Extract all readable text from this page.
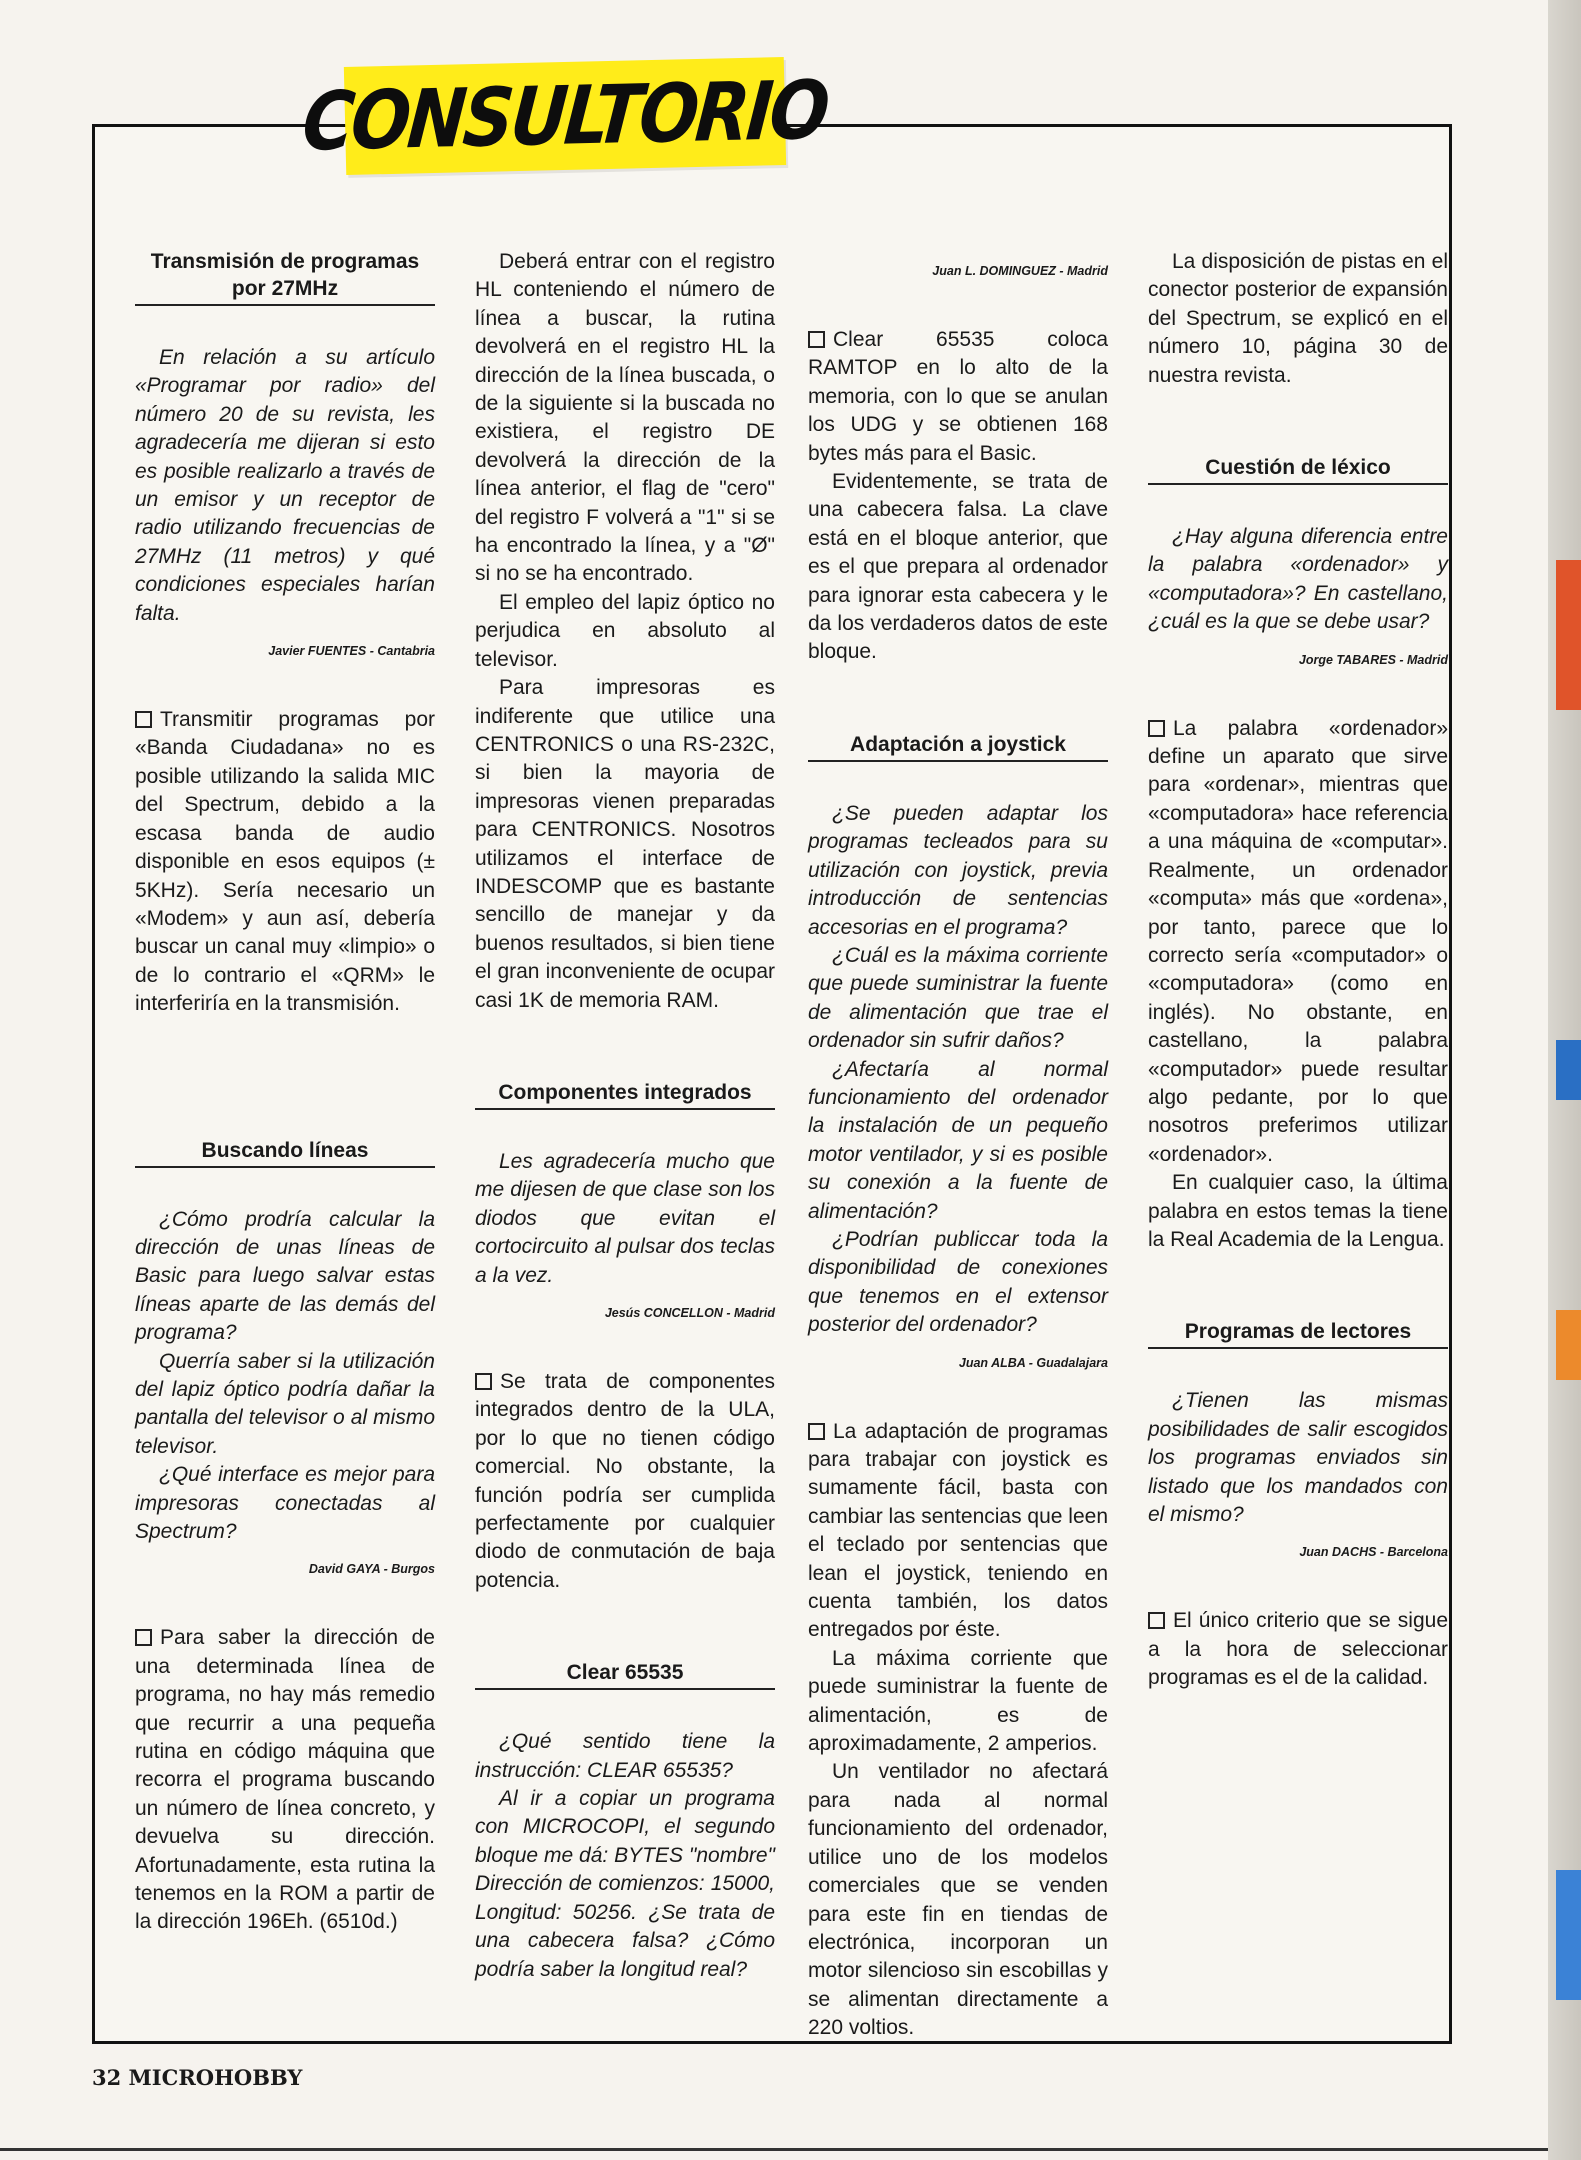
CONSULTORIO
Transmisión de programas por 27MHz

En relación a su artículo «Programar por radio» del número 20 de su revista, les agradecería me dijeran si esto es posible realizarlo a través de un emisor y un receptor de radio utilizando frecuencias de 27MHz (11 metros) y qué condiciones especiales harían falta.

Javier FUENTES - Cantabria

Transmitir programas por «Banda Ciudadana» no es posible utilizando la salida MIC del Spectrum, debido a la escasa banda de audio disponible en esos equipos (± 5KHz). Sería necesario un «Modem» y aun así, debería buscar un canal muy «limpio» o de lo contrario el «QRM» le interferiría en la transmisión.

Buscando líneas

¿Cómo prodría calcular la dirección de unas líneas de Basic para luego salvar estas líneas aparte de las demás del programa?

Querría saber si la utilización del lapiz óptico podría dañar la pantalla del televisor o al mismo televisor.

¿Qué interface es mejor para impresoras conectadas al Spectrum?

David GAYA - Burgos

Para saber la dirección de una determinada línea de programa, no hay más remedio que recurrir a una pequeña rutina en código máquina que recorra el programa buscando un número de línea concreto, y devuelva su dirección. Afortunadamente, esta rutina la tenemos en la ROM a partir de la dirección 196Eh. (6510d.)

Deberá entrar con el registro HL conteniendo el número de línea a buscar, la rutina devolverá en el registro HL la dirección de la línea buscada, o de la siguiente si la buscada no existiera, el registro DE devolverá la dirección de la línea anterior, el flag de "cero" del registro F volverá a "1" si se ha encontrado la línea, y a "Ø" si no se ha encontrado.

El empleo del lapiz óptico no perjudica en absoluto al televisor.

Para impresoras es indiferente que utilice una CENTRONICS o una RS-232C, si bien la mayoria de impresoras vienen preparadas para CENTRONICS. Nosotros utilizamos el interface de INDESCOMP que es bastante sencillo de manejar y da buenos resultados, si bien tiene el gran inconveniente de ocupar casi 1K de memoria RAM.

Componentes integrados

Les agradecería mucho que me dijesen de que clase son los diodos que evitan el cortocircuito al pulsar dos teclas a la vez.

Jesús CONCELLON - Madrid

Se trata de componentes integrados dentro de la ULA, por lo que no tienen código comercial. No obstante, la función podría ser cumplida perfectamente por cualquier diodo de conmutación de baja potencia.

Clear 65535

¿Qué sentido tiene la instrucción: CLEAR 65535?

Al ir a copiar un programa con MICROCOPI, el segundo bloque me dá: BYTES "nombre" Dirección de comienzos: 15000, Longitud: 50256. ¿Se trata de una cabecera falsa? ¿Cómo podría saber la longitud real?

Juan L. DOMINGUEZ - Madrid

Clear 65535 coloca RAMTOP en lo alto de la memoria, con lo que se anulan los UDG y se obtienen 168 bytes más para el Basic.

Evidentemente, se trata de una cabecera falsa. La clave está en el bloque anterior, que es el que prepara al ordenador para ignorar esta cabecera y le da los verdaderos datos de este bloque.

Adaptación a joystick

¿Se pueden adaptar los programas tecleados para su utilización con joystick, previa introducción de sentencias accesorias en el programa?

¿Cuál es la máxima corriente que puede suministrar la fuente de alimentación que trae el ordenador sin sufrir daños?

¿Afectaría al normal funcionamiento del ordenador la instalación de un pequeño motor ventilador, y si es posible su conexión a la fuente de alimentación?

¿Podrían publiccar toda la disponibilidad de conexiones que tenemos en el extensor posterior del ordenador?

Juan ALBA - Guadalajara

La adaptación de programas para trabajar con joystick es sumamente fácil, basta con cambiar las sentencias que leen el teclado por sentencias que lean el joystick, teniendo en cuenta también, los datos entregados por éste.

La máxima corriente que puede suministrar la fuente de alimentación, es de aproximadamente, 2 amperios.

Un ventilador no afectará para nada al normal funcionamiento del ordenador, utilice uno de los modelos comerciales que se venden para este fin en tiendas de electrónica, incorporan un motor silencioso sin escobillas y se alimentan directamente a 220 voltios.

La disposición de pistas en el conector posterior de expansión del Spectrum, se explicó en el número 10, página 30 de nuestra revista.

Cuestión de léxico

¿Hay alguna diferencia entre la palabra «ordenador» y «computadora»? En castellano, ¿cuál es la que se debe usar?

Jorge TABARES - Madrid

La palabra «ordenador» define un aparato que sirve para «ordenar», mientras que «computadora» hace referencia a una máquina de «computar». Realmente, un ordenador «computa» más que «ordena», por tanto, parece que lo correcto sería «computador» o «computadora» (como en inglés). No obstante, en castellano, la palabra «computador» puede resultar algo pedante, por lo que nosotros preferimos utilizar «ordenador».

En cualquier caso, la última palabra en estos temas la tiene la Real Academia de la Lengua.

Programas de lectores

¿Tienen las mismas posibilidades de salir escogidos los programas enviados sin listado que los mandados con el mismo?

Juan DACHS - Barcelona

El único criterio que se sigue a la hora de seleccionar programas es el de la calidad.

32 MICROHOBBY
